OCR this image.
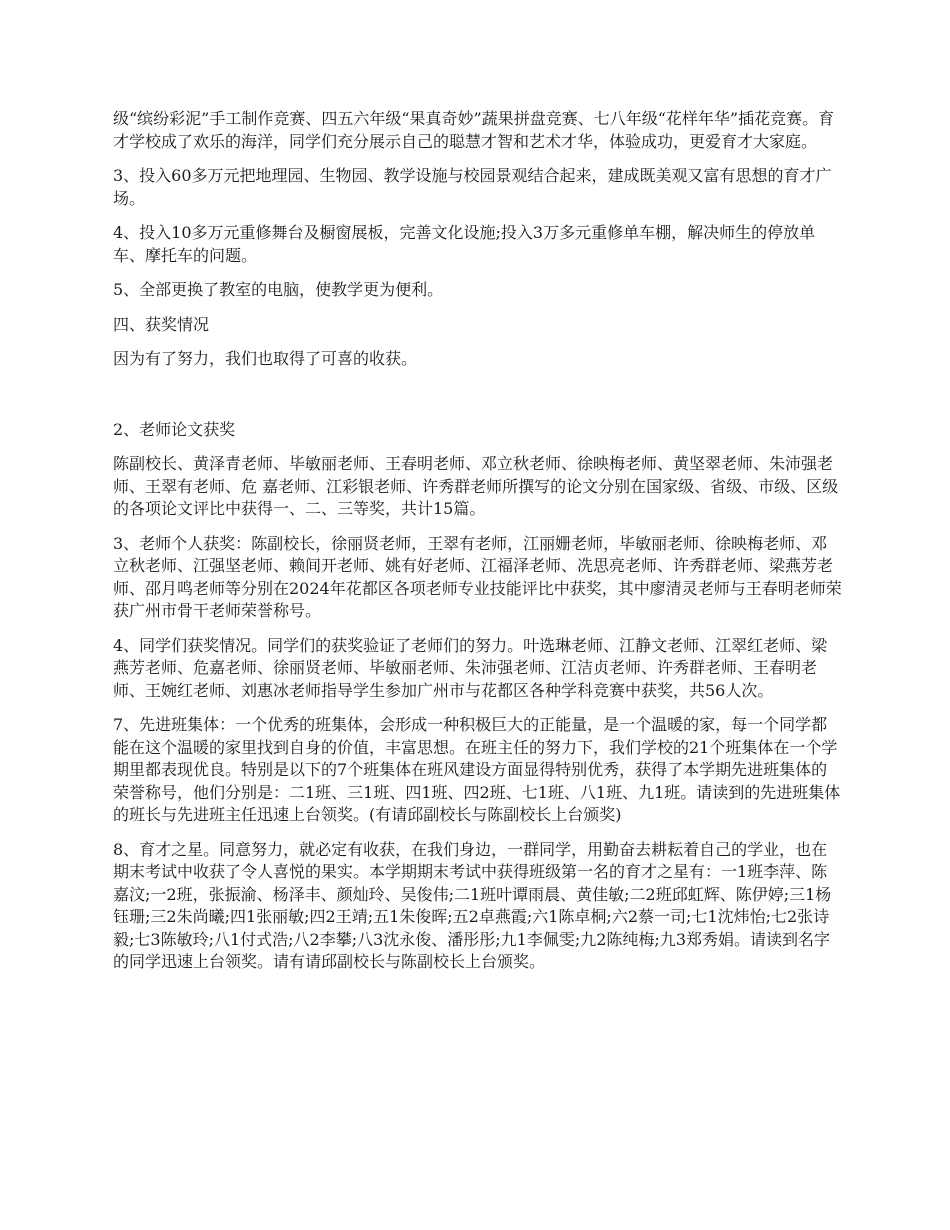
级“缤纷彩泥”手工制作竞赛、四五六年级“果真奇妙”蔬果拼盘竞赛、七八年级“花样年华”插花竞赛。育才学校成了欢乐的海洋，同学们充分展示自己的聪慧才智和艺术才华，体验成功，更爱育才大家庭。

3、投入60多万元把地理园、生物园、教学设施与校园景观结合起来，建成既美观又富有思想的育才广场。

4、投入10多万元重修舞台及橱窗展板，完善文化设施;投入3万多元重修单车棚，解决师生的停放单车、摩托车的问题。

5、全部更换了教室的电脑，使教学更为便利。

四、获奖情况

因为有了努力，我们也取得了可喜的收获。

2、老师论文获奖

陈副校长、黄泽青老师、毕敏丽老师、王春明老师、邓立秋老师、徐映梅老师、黄坚翠老师、朱沛强老师、王翠有老师、危 嘉老师、江彩银老师、许秀群老师所撰写的论文分别在国家级、省级、市级、区级的各项论文评比中获得一、二、三等奖，共计15篇。

3、老师个人获奖：陈副校长，徐丽贤老师，王翠有老师，江丽姗老师，毕敏丽老师、徐映梅老师、邓立秋老师、江强坚老师、赖间开老师、姚有好老师、江福泽老师、冼思亮老师、许秀群老师、梁燕芳老师、邵月鸣老师等分别在2024年花都区各项老师专业技能评比中获奖，其中廖清灵老师与王春明老师荣获广州市骨干老师荣誉称号。

4、同学们获奖情况。同学们的获奖验证了老师们的努力。叶选琳老师、江静文老师、江翠红老师、梁燕芳老师、危嘉老师、徐丽贤老师、毕敏丽老师、朱沛强老师、江洁贞老师、许秀群老师、王春明老师、王婉红老师、刘惠冰老师指导学生参加广州市与花都区各种学科竞赛中获奖，共56人次。

7、先进班集体：一个优秀的班集体，会形成一种积极巨大的正能量，是一个温暖的家，每一个同学都能在这个温暖的家里找到自身的价值，丰富思想。在班主任的努力下，我们学校的21个班集体在一个学期里都表现优良。特别是以下的7个班集体在班风建设方面显得特别优秀，获得了本学期先进班集体的荣誉称号，他们分别是：二1班、三1班、四1班、四2班、七1班、八1班、九1班。请读到的先进班集体的班长与先进班主任迅速上台领奖。(有请邱副校长与陈副校长上台颁奖)

8、育才之星。同意努力，就必定有收获，在我们身边，一群同学，用勤奋去耕耘着自己的学业，也在期末考试中收获了令人喜悦的果实。本学期期末考试中获得班级第一名的育才之星有：一1班李萍、陈嘉汶;一2班，张振渝、杨泽丰、颜灿玲、吴俊伟;二1班叶谭雨晨、黄佳敏;二2班邱虹辉、陈伊婷;三1杨钰珊;三2朱尚曦;四1张丽敏;四2王靖;五1朱俊晖;五2卓燕霞;六1陈卓桐;六2蔡一司;七1沈炜怡;七2张诗毅;七3陈敏玲;八1付式浩;八2李攀;八3沈永俊、潘彤彤;九1李佩雯;九2陈纯梅;九3郑秀娟。请读到名字的同学迅速上台领奖。请有请邱副校长与陈副校长上台颁奖。
